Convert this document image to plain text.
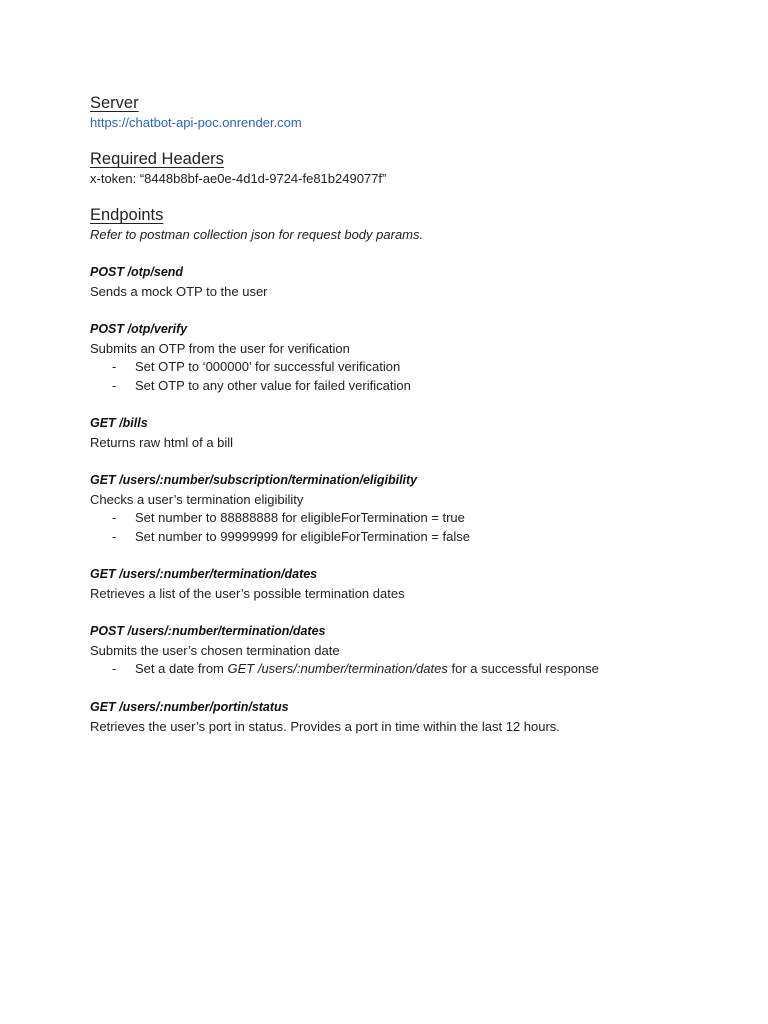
Server

https://chatbot-api-poc.onrender.com

Required Headers

x-token: “8448b8bf-ae0e-4d1d-9724-fe81b249077f”

Endpoints

Refer to postman collection json for request body params.

POST /otp/send

Sends a mock OTP to the user

POST /otp/verify

Submits an OTP from the user for verification

- Set OTP to ‘000000’ for successful verification
- Set OTP to any other value for failed verification

GET /bills

Returns raw html of a bill

GET /users/:number/subscription/termination/eligibility

Checks a user’s termination eligibility

- Set number to 88888888 for eligibleForTermination = true
- Set number to 99999999 for eligibleForTermination = false

GET /users/:number/termination/dates

Retrieves a list of the user’s possible termination dates

POST /users/:number/termination/dates

Submits the user’s chosen termination date

- Set a date from GET /users/:number/termination/dates for a successful response

GET /users/:number/portin/status

Retrieves the user’s port in status. Provides a port in time within the last 12 hours.
